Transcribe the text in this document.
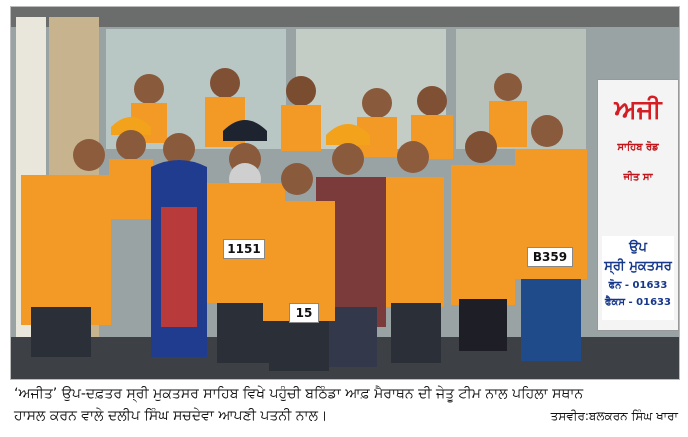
ਅਜੀ
ਸਾਹਿਬ ਰੋਡ
ਜੀਤ ਸਾ
ਉਪ
ਸ੍ਰੀ ਮੁਕਤਸਰ
ਫੋਨ - 01633
ਫੈਕਸ - 01633
1151
B359
15
‘ਅਜੀਤ’ ਉਪ-ਦਫ਼ਤਰ ਸ੍ਰੀ ਮੁਕਤਸਰ ਸਾਹਿਬ ਵਿਖੇ ਪਹੁੰਚੀ ਬਠਿੰਡਾ ਆਫ਼ ਮੈਰਾਥਨ ਦੀ ਜੇਤੂ ਟੀਮ ਨਾਲ ਪਹਿਲਾ ਸਥਾਨ
ਹਾਸਲ ਕਰਨ ਵਾਲੇ ਦਲੀਪ ਸਿੰਘ ਸਚਦੇਵਾ ਆਪਣੀ ਪਤਨੀ ਨਾਲ।	ਤਸਵੀਰ:ਬਲਕਰਨ ਸਿੰਘ ਖਾਰਾ
